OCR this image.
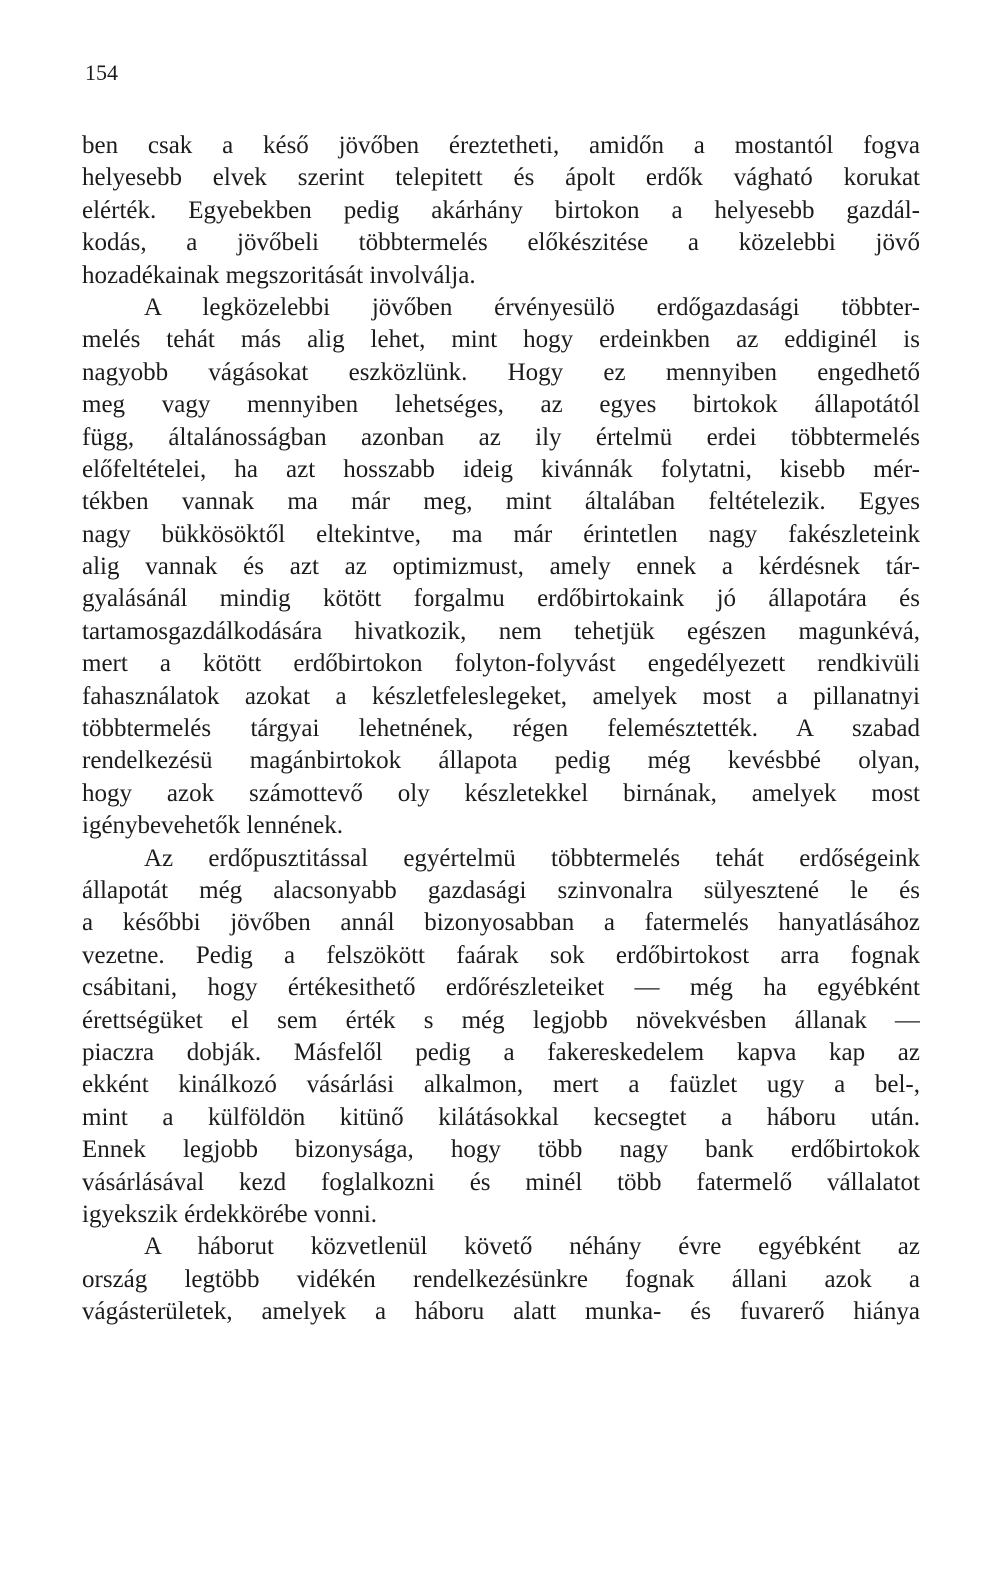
154
ben csak a késő jövőben éreztetheti, amidőn a mostantól fogva
helyesebb elvek szerint telepitett és ápolt erdők vágható korukat
elérték. Egyebekben pedig akárhány birtokon a helyesebb gazdál-
kodás, a jövőbeli többtermelés előkészitése a közelebbi jövő
hozadékainak megszoritását involválja.
A legközelebbi jövőben érvényesülö erdőgazdasági többter-
melés tehát más alig lehet, mint hogy erdeinkben az eddiginél is
nagyobb vágásokat eszközlünk. Hogy ez mennyiben engedhető
meg vagy mennyiben lehetséges, az egyes birtokok állapotától
függ, általánosságban azonban az ily értelmü erdei többtermelés
előfeltételei, ha azt hosszabb ideig kivánnák folytatni, kisebb mér-
tékben vannak ma már meg, mint általában feltételezik. Egyes
nagy bükkösöktől eltekintve, ma már érintetlen nagy fakészleteink
alig vannak és azt az optimizmust, amely ennek a kérdésnek tár-
gyalásánál mindig kötött forgalmu erdőbirtokaink jó állapotára és
tartamosgazdálkodására hivatkozik, nem tehetjük egészen magunkévá,
mert a kötött erdőbirtokon folyton-folyvást engedélyezett rendkivüli
fahasználatok azokat a készletfeleslegeket, amelyek most a pillanatnyi
többtermelés tárgyai lehetnének, régen felemésztették. A szabad
rendelkezésü magánbirtokok állapota pedig még kevésbbé olyan,
hogy azok számottevő oly készletekkel birnának, amelyek most
igénybevehetők lennének.
Az erdőpusztitással egyértelmü többtermelés tehát erdőségeink
állapotát még alacsonyabb gazdasági szinvonalra sülyesztené le és
a későbbi jövőben annál bizonyosabban a fatermelés hanyatlásához
vezetne. Pedig a felszökött faárak sok erdőbirtokost arra fognak
csábitani, hogy értékesithető erdőrészleteiket — még ha egyébként
érettségüket el sem érték s még legjobb növekvésben állanak —
piaczra dobják. Másfelől pedig a fakereskedelem kapva kap az
ekként kinálkozó vásárlási alkalmon, mert a faüzlet ugy a bel-,
mint a külföldön kitünő kilátásokkal kecsegtet a háboru után.
Ennek legjobb bizonysága, hogy több nagy bank erdőbirtokok
vásárlásával kezd foglalkozni és minél több fatermelő vállalatot
igyekszik érdekkörébe vonni.
A háborut közvetlenül követő néhány évre egyébként az
ország legtöbb vidékén rendelkezésünkre fognak állani azok a
vágásterületek, amelyek a háboru alatt munka- és fuvarerő hiánya
